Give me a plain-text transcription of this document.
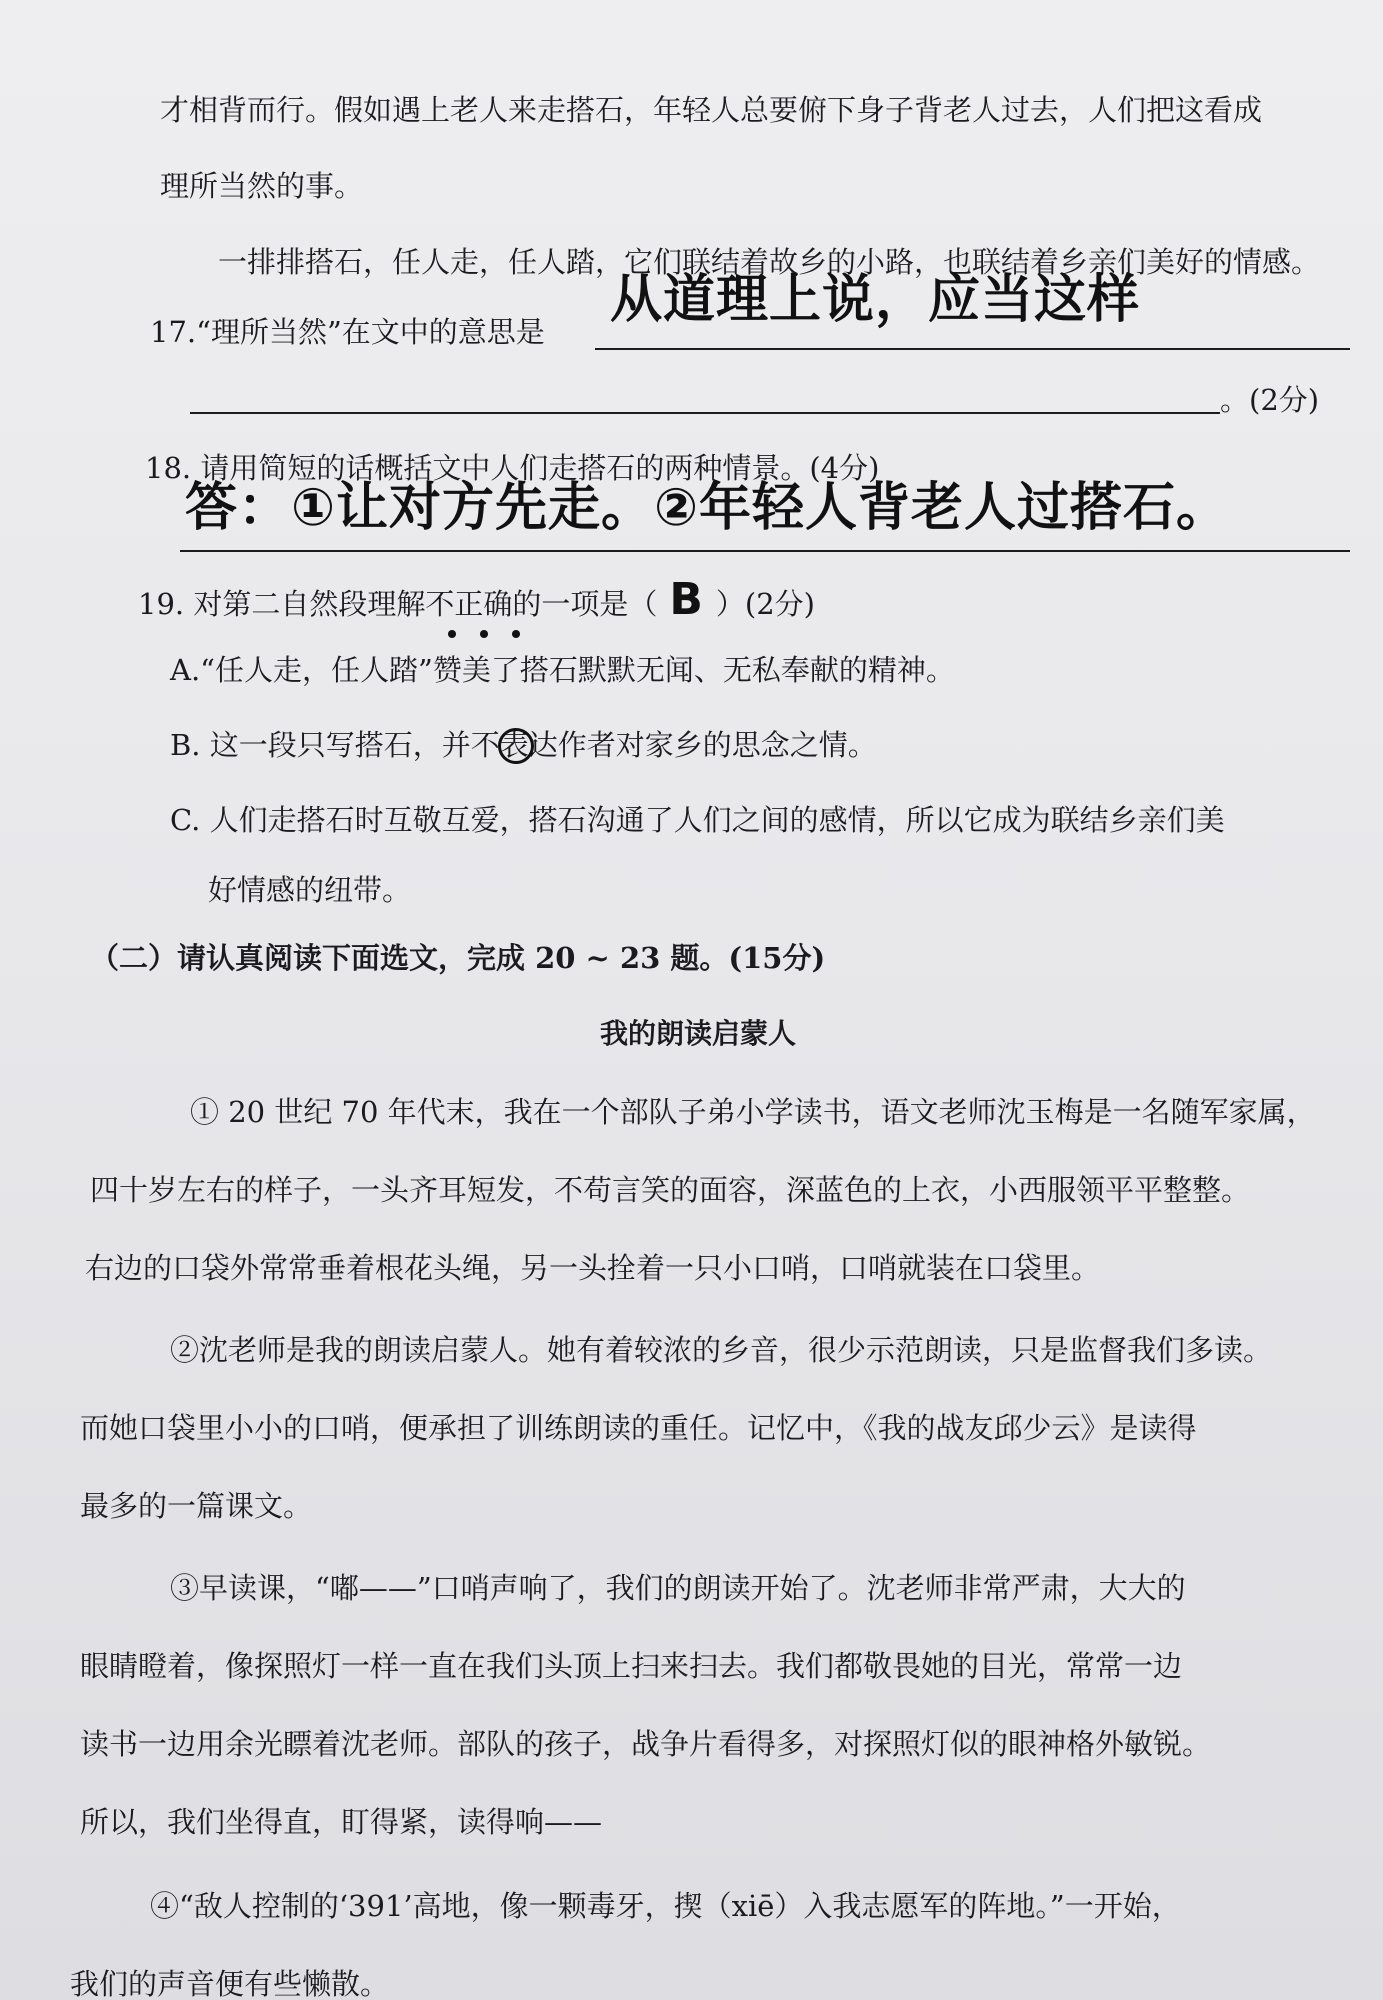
才相背而行。假如遇上老人来走搭石，年轻人总要俯下身子背老人过去，人们把这看成
理所当然的事。
一排排搭石，任人走，任人踏，它们联结着故乡的小路，也联结着乡亲们美好的情感。
17.“理所当然”在文中的意思是
从道理上说，应当这样
。(2分)
18. 请用简短的话概括文中人们走搭石的两种情景。(4分)
答：①让对方先走。②年轻人背老人过搭石。
19. 对第二自然段理解不正确的一项是（ B ）(2分)
A.“任人走，任人踏”赞美了搭石默默无闻、无私奉献的精神。
B. 这一段只写搭石，并不表达作者对家乡的思念之情。
C. 人们走搭石时互敬互爱，搭石沟通了人们之间的感情，所以它成为联结乡亲们美
好情感的纽带。
（二）请认真阅读下面选文，完成 20 ~ 23 题。(15分)
我的朗读启蒙人
① 20 世纪 70 年代末，我在一个部队子弟小学读书，语文老师沈玉梅是一名随军家属，
四十岁左右的样子，一头齐耳短发，不苟言笑的面容，深蓝色的上衣，小西服领平平整整。
右边的口袋外常常垂着根花头绳，另一头拴着一只小口哨，口哨就装在口袋里。
②沈老师是我的朗读启蒙人。她有着较浓的乡音，很少示范朗读，只是监督我们多读。
而她口袋里小小的口哨，便承担了训练朗读的重任。记忆中，《我的战友邱少云》是读得
最多的一篇课文。
③早读课，“嘟——”口哨声响了，我们的朗读开始了。沈老师非常严肃，大大的
眼睛瞪着，像探照灯一样一直在我们头顶上扫来扫去。我们都敬畏她的目光，常常一边
读书一边用余光瞟着沈老师。部队的孩子，战争片看得多，对探照灯似的眼神格外敏锐。
所以，我们坐得直，盯得紧，读得响——
④“敌人控制的‘391’高地，像一颗毒牙，揳（xiē）入我志愿军的阵地。”一开始，
我们的声音便有些懒散。
